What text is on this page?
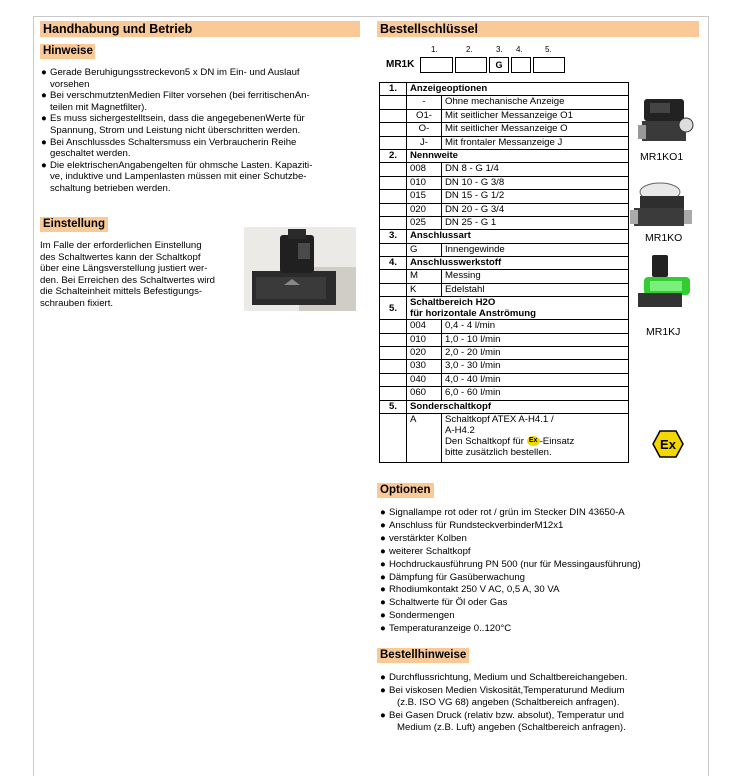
Handhabung und Betrieb
Hinweise
● Gerade Beruhigungsstreckevon5 x DN im Ein- und Auslauf
vorsehen
● Bei verschmutztenMedien Filter vorsehen (bei ferritischenAn-
teilen mit Magnetfilter).
● Es muss sichergestelltsein, dass die angegebenenWerte für
Spannung, Strom und Leistung nicht überschritten werden.
● Bei Anschlussdes Schaltersmuss ein Verbraucherin Reihe
geschaltet werden.
● Die elektrischenAngabengelten für ohmsche Lasten. Kapaziti-
ve, induktive und Lampenlasten müssen mit einer Schutzbe-
schaltung betrieben werden.
Einstellung
Im Falle der erforderlichen Einstellung
des Schaltwertes kann der Schaltkopf
über eine Längsverstellung justiert wer-
den. Bei Erreichen des Schaltwertes wird
die Schalteinheit mittels Befestigungs-
schrauben fixiert.
Bestellschlüssel
1.	2.	3. 4.	5.
MR1K	G
1.	Anzeigeoptionen	
	-	Ohne mechanische Anzeige
	O1-	Mit seitlicher Messanzeige O1
	O-	Mit seitlicher Messanzeige O
	J-	Mit frontaler Messanzeige J
2.	Nennweite	
	008	DN 8 - G 1/4
	010	DN 10 - G 3/8
	015	DN 15 - G 1/2
	020	DN 20 - G 3/4
	025	DN 25 - G 1
3.	Anschlussart	
	G	Innengewinde
4.	Anschlusswerkstoff	
	M	Messing
	K	Edelstahl
5.	Schaltbereich H2O
für horizontale Anströmung	

	004	0,4 - 4 l/min
	010	1,0 - 10 l/min
	020	2,0 - 20 l/min
	030	3,0 - 30 l/min
	040	4,0 - 40 l/min
	060	6,0 - 60 l/min
5.	Sonderschaltkopf	
	A	Schaltkopf ATEX A-H4.1 /
A-H4.2
Den Schaltkopf für Ex -Einsatz
bitte zusätzlich bestellen.
MR1KO1
MR1KO
MR1KJ
Ex
Optionen
● Signallampe rot oder rot / grün im Stecker DIN 43650-A
● Anschluss für RundsteckverbinderM12x1
● verstärkter Kolben
● weiterer Schaltkopf
● Hochdruckausführung PN 500 (nur für Messingausführung)
● Dämpfung für Gasüberwachung
● Rhodiumkontakt 250 V AC, 0,5 A, 30 VA
● Schaltwerte für Öl oder Gas
● Sondermengen
● Temperaturanzeige 0..120°C
Bestellhinweise
● Durchflussrichtung, Medium und Schaltbereichangeben.
● Bei viskosen Medien Viskosität,Temperaturund Medium
(z.B. ISO VG 68) angeben (Schaltbereich anfragen).
● Bei Gasen Druck (relativ bzw. absolut), Temperatur und
Medium (z.B. Luft) angeben (Schaltbereich anfragen).
